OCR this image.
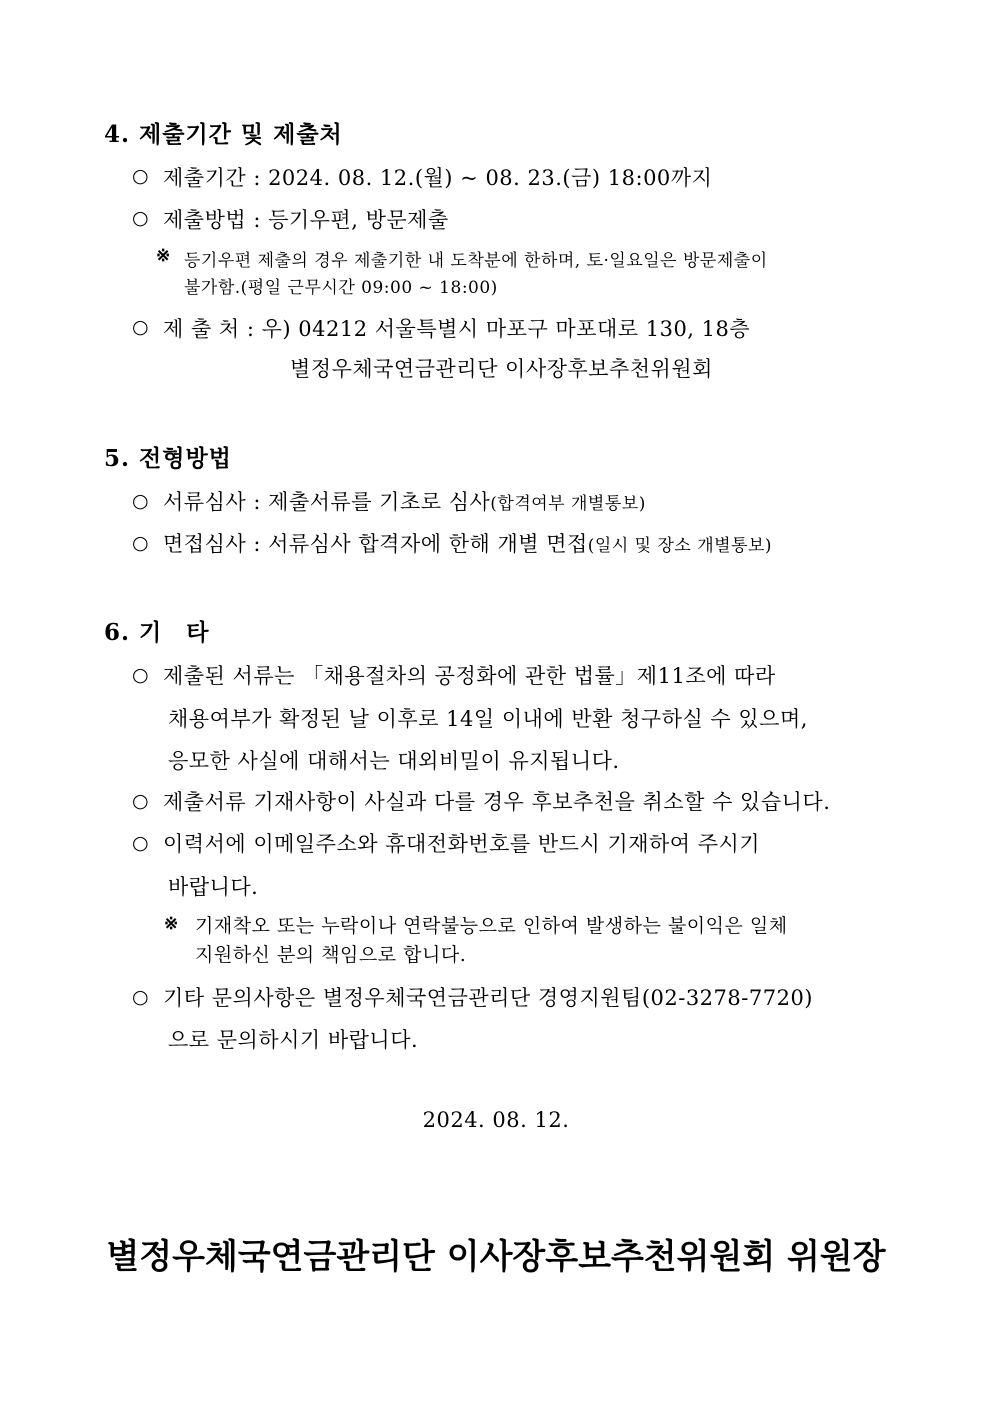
4. 제출기간 및 제출처
○ 제출기간 : 2024. 08. 12.(월) ~ 08. 23.(금) 18:00까지
○ 제출방법 : 등기우편, 방문제출
※ 등기우편 제출의 경우 제출기한 내 도착분에 한하며, 토·일요일은 방문제출이
불가함.(평일 근무시간 09:00 ~ 18:00)
○ 제 출 처 : 우) 04212 서울특별시 마포구 마포대로 130, 18층
별정우체국연금관리단 이사장후보추천위원회
5. 전형방법
○ 서류심사 : 제출서류를 기초로 심사(합격여부 개별통보)
○ 면접심사 : 서류심사 합격자에 한해 개별 면접(일시 및 장소 개별통보)
6. 기　타
○ 제출된 서류는 「채용절차의 공정화에 관한 법률」제11조에 따라
채용여부가 확정된 날 이후로 14일 이내에 반환 청구하실 수 있으며,
응모한 사실에 대해서는 대외비밀이 유지됩니다.
○ 제출서류 기재사항이 사실과 다를 경우 후보추천을 취소할 수 있습니다.
○ 이력서에 이메일주소와 휴대전화번호를 반드시 기재하여 주시기
바랍니다.
※ 기재착오 또는 누락이나 연락불능으로 인하여 발생하는 불이익은 일체
지원하신 분의 책임으로 합니다.
○ 기타 문의사항은 별정우체국연금관리단 경영지원팀(02-3278-7720)
으로 문의하시기 바랍니다.
2024. 08. 12.
별정우체국연금관리단 이사장후보추천위원회 위원장
